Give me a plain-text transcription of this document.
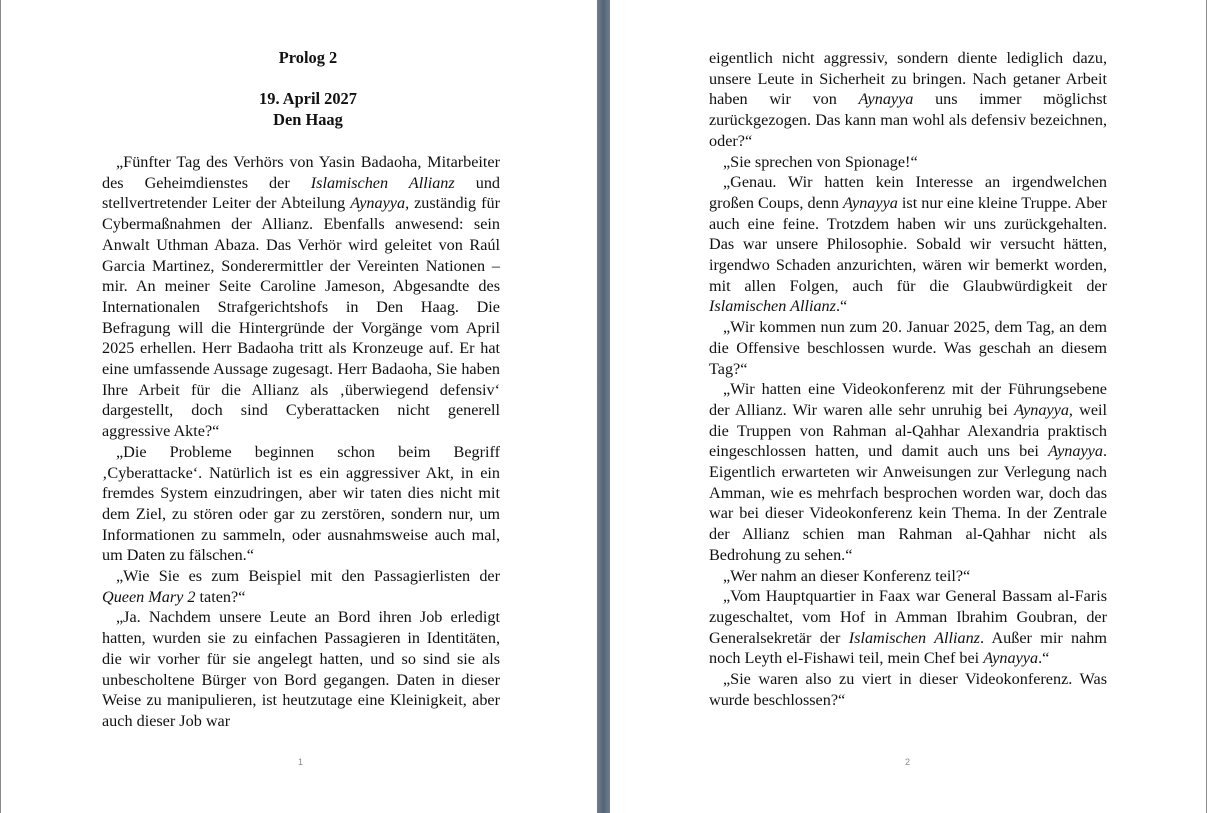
Prolog 2
19. April 2027
Den Haag

„Fünfter Tag des Verhörs von Yasin Badaoha, Mitarbeiter des Geheimdienstes der Islamischen Allianz und stellvertretender Leiter der Abteilung Aynayya, zuständig für Cybermaßnahmen der Allianz. Ebenfalls anwesend: sein Anwalt Uthman Abaza. Das Verhör wird geleitet von Raúl Garcia Martinez, Sonderermittler der Vereinten Nationen – mir. An meiner Seite Caroline Jameson, Abgesandte des Internationalen Strafgerichtshofs in Den Haag. Die Befragung will die Hintergründe der Vorgänge vom April 2025 erhellen. Herr Badaoha tritt als Kronzeuge auf. Er hat eine umfassende Aussage zugesagt. Herr Badaoha, Sie haben Ihre Arbeit für die Allianz als ‚überwiegend defensiv‘ dargestellt, doch sind Cyberattacken nicht generell aggressive Akte?“

„Die Probleme beginnen schon beim Begriff ‚Cyberattacke‘. Natürlich ist es ein aggressiver Akt, in ein fremdes System einzudringen, aber wir taten dies nicht mit dem Ziel, zu stören oder gar zu zerstören, sondern nur, um Informationen zu sammeln, oder ausnahmsweise auch mal, um Daten zu fälschen.“

„Wie Sie es zum Beispiel mit den Passagierlisten der Queen Mary 2 taten?“

„Ja. Nachdem unsere Leute an Bord ihren Job erledigt hatten, wurden sie zu einfachen Passagieren in Identitäten, die wir vorher für sie angelegt hatten, und so sind sie als unbescholtene Bürger von Bord gegangen. Daten in dieser Weise zu manipulieren, ist heutzutage eine Kleinigkeit, aber auch dieser Job war

1

eigentlich nicht aggressiv, sondern diente lediglich dazu, unsere Leute in Sicherheit zu bringen. Nach getaner Arbeit haben wir von Aynayya uns immer möglichst zurückgezogen. Das kann man wohl als defensiv bezeichnen, oder?“

„Sie sprechen von Spionage!“

„Genau. Wir hatten kein Interesse an irgendwelchen großen Coups, denn Aynayya ist nur eine kleine Truppe. Aber auch eine feine. Trotzdem haben wir uns zurückgehalten. Das war unsere Philosophie. Sobald wir versucht hätten, irgendwo Schaden anzurichten, wären wir bemerkt worden, mit allen Folgen, auch für die Glaubwürdigkeit der Islamischen Allianz.“

„Wir kommen nun zum 20. Januar 2025, dem Tag, an dem die Offensive beschlossen wurde. Was geschah an diesem Tag?“

„Wir hatten eine Videokonferenz mit der Führungsebene der Allianz. Wir waren alle sehr unruhig bei Aynayya, weil die Truppen von Rahman al-Qahhar Alexandria praktisch eingeschlossen hatten, und damit auch uns bei Aynayya. Eigentlich erwarteten wir Anweisungen zur Verlegung nach Amman, wie es mehrfach besprochen worden war, doch das war bei dieser Videokonferenz kein Thema. In der Zentrale der Allianz schien man Rahman al-Qahhar nicht als Bedrohung zu sehen.“

„Wer nahm an dieser Konferenz teil?“

„Vom Hauptquartier in Faax war General Bassam al-Faris zugeschaltet, vom Hof in Amman Ibrahim Goubran, der Generalsekretär der Islamischen Allianz. Außer mir nahm noch Leyth el-Fishawi teil, mein Chef bei Aynayya.“

„Sie waren also zu viert in dieser Videokonferenz. Was wurde beschlossen?“

2
